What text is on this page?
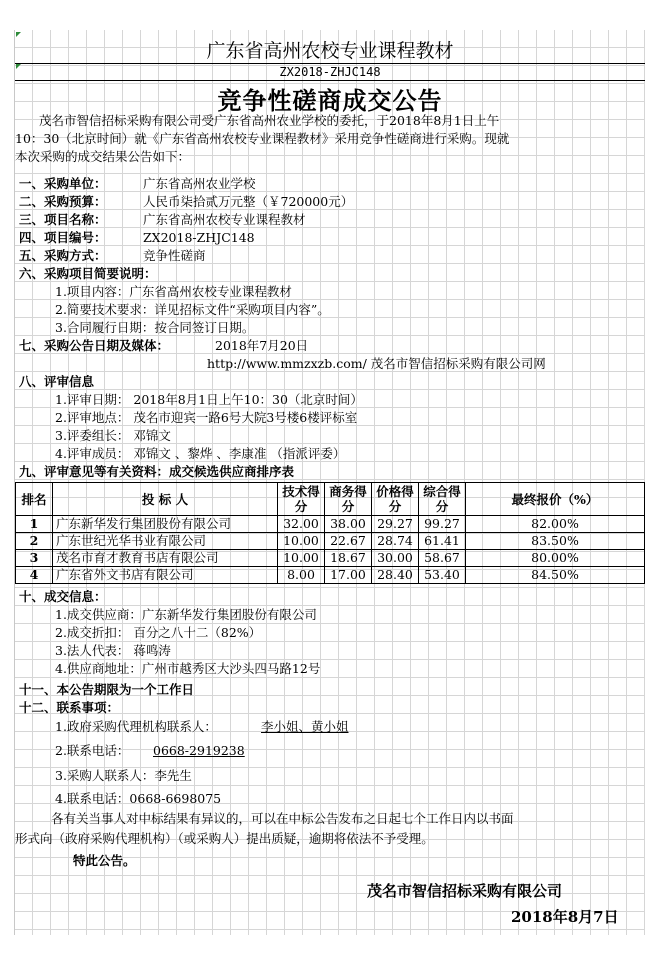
广东省高州农校专业课程教材
ZX2018-ZHJC148
竞争性磋商成交公告
茂名市智信招标采购有限公司受广东省高州农业学校的委托，于2018年8月1日上午
10：30（北京时间）就《广东省高州农校专业课程教材》采用竞争性磋商进行采购。现就
本次采购的成交结果公告如下：
一、采购单位：	广东省高州农业学校
二、采购预算：	人民币柒拾贰万元整（￥720000元）
三、项目名称：	广东省高州农校专业课程教材
四、项目编号：	ZX2018-ZHJC148
五、采购方式：	竞争性磋商
六、采购项目简要说明：
1.项目内容：广东省高州农校专业课程教材
2.简要技术要求：详见招标文件“采购项目内容”。
3.合同履行日期：按合同签订日期。
七、采购公告日期及媒体：	2018年7月20日
http://www.mmzxzb.com/ 茂名市智信招标采购有限公司网
八、评审信息
1.评审日期： 2018年8月1日上午10：30（北京时间）
2.评审地点： 茂名市迎宾一路6号大院3号楼6楼评标室
3.评委组长： 邓锦文
4.评审成员： 邓锦文 、黎烨 、李康准 （指派评委）
九、评审意见等有关资料：成交候选供应商排序表
排名	投 标 人	技术得分	商务得分	价格得分	综合得分	最终报价（%）
1	广东新华发行集团股份有限公司	32.00	38.00	29.27	99.27	82.00%
2	广东世纪光华书业有限公司	10.00	22.67	28.74	61.41	83.50%
3	茂名市育才教育书店有限公司	10.00	18.67	30.00	58.67	80.00%
4	广东省外文书店有限公司	8.00	17.00	28.40	53.40	84.50%
十、成交信息：
1.成交供应商：广东新华发行集团股份有限公司
2.成交折扣： 百分之八十二（82%）
3.法人代表： 蒋鸣涛
4.供应商地址：广州市越秀区大沙头四马路12号
十一、本公告期限为一个工作日
十二、联系事项：
1.政府采购代理机构联系人：	李小姐、黄小姐
2.联系电话： 0668-2919238
3.采购人联系人：李先生
4.联系电话：0668-6698075
各有关当事人对中标结果有异议的，可以在中标公告发布之日起七个工作日内以书面
形式向（政府采购代理机构）（或采购人）提出质疑，逾期将依法不予受理。
特此公告。
茂名市智信招标采购有限公司
2018年8月7日
